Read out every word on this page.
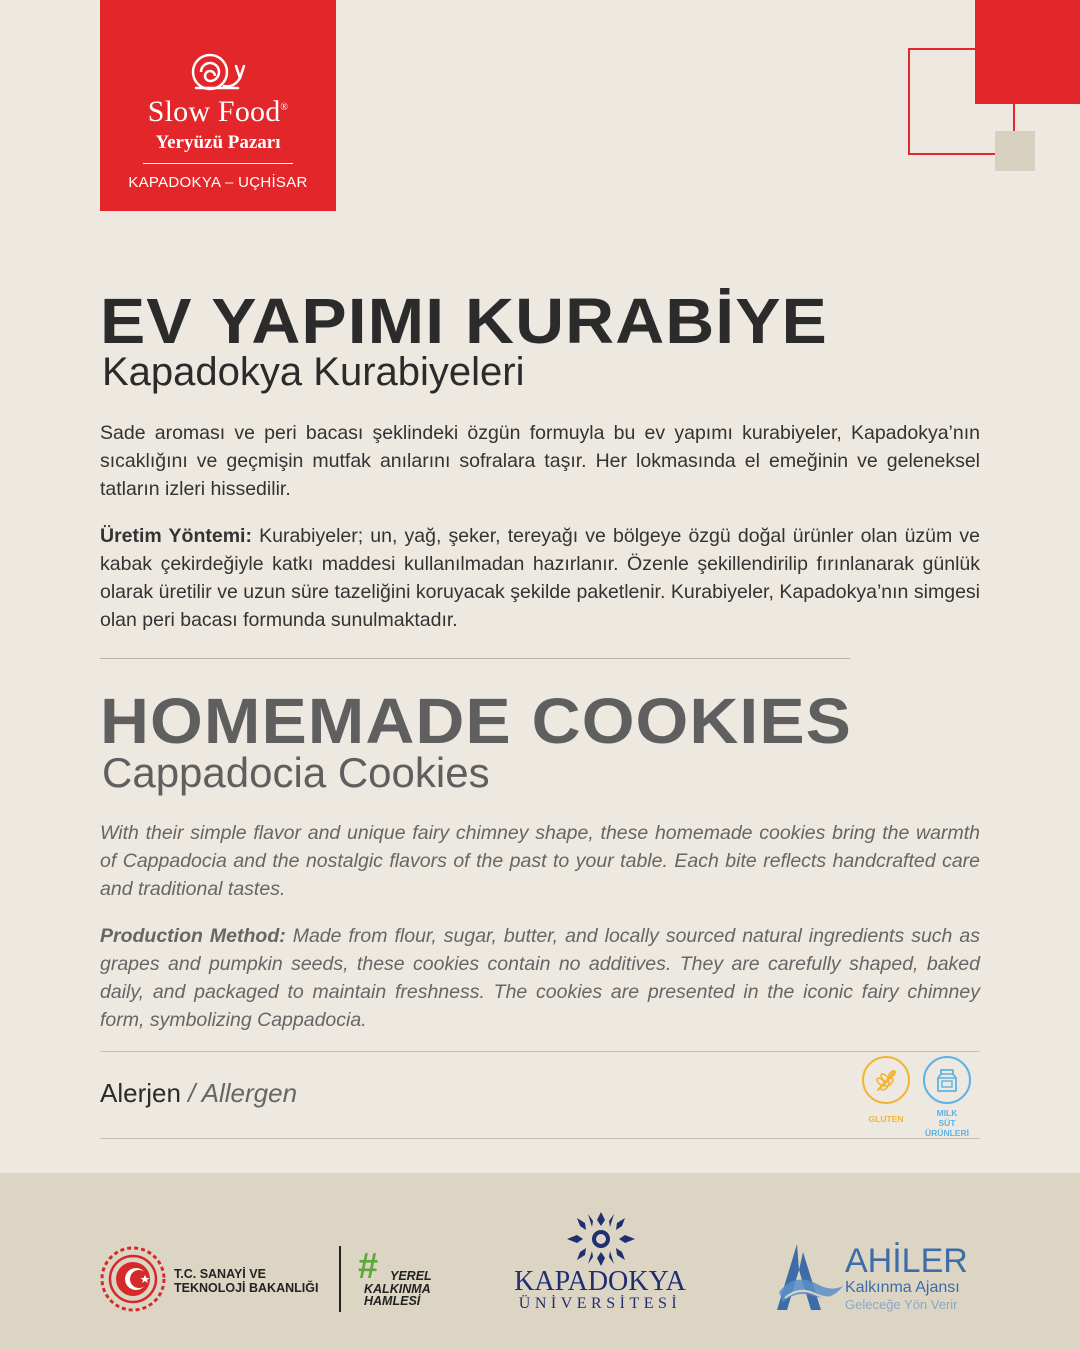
Slow Food®
Yeryüzü Pazarı
KAPADOKYA – UÇHİSAR
EV YAPIMI KURABİYE
Kapadokya Kurabiyeleri
Sade aroması ve peri bacası şeklindeki özgün formuyla bu ev yapımı kurabiyeler, Kapadokya’nın sıcaklığını ve geçmişin mutfak anılarını sofralara taşır. Her lokmasında el emeğinin ve geleneksel tatların izleri hissedilir.
Üretim Yöntemi: Kurabiyeler; un, yağ, şeker, tereyağı ve bölgeye özgü doğal ürünler olan üzüm ve kabak çekirdeğiyle katkı maddesi kullanılmadan hazırlanır. Özenle şekillendirilip fırınlanarak günlük olarak üretilir ve uzun süre tazeliğini koruyacak şekilde paketlenir. Kurabiyeler, Kapadokya’nın simgesi olan peri bacası formunda sunulmaktadır.
HOMEMADE COOKIES
Cappadocia Cookies
With their simple flavor and unique fairy chimney shape, these homemade cookies bring the warmth of Cappadocia and the nostalgic flavors of the past to your table. Each bite reflects handcrafted care and traditional tastes.
Production Method: Made from flour, sugar, butter, and locally sourced natural ingredients such as grapes and pumpkin seeds, these cookies contain no additives. They are carefully shaped, baked daily, and packaged to maintain freshness. The cookies are presented in the iconic fairy chimney form, symbolizing Cappadocia.
Alerjen / Allergen
GLUTEN
MILK
SÜT ÜRÜNLERİ
T.C. SANAYİ VE
TEKNOLOJİ BAKANLIĞI
# YEREL
KALKINMA
HAMLESİ
KAPADOKYA
ÜNİVERSİTESİ
AHİLER
Kalkınma Ajansı
Geleceğe Yön Verir
